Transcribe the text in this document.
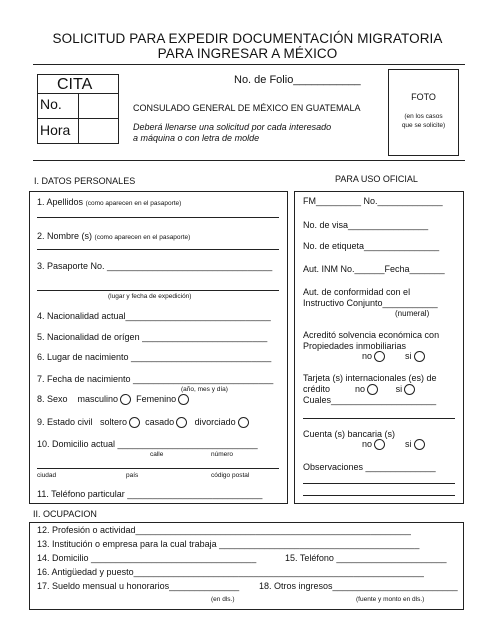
SOLICITUD PARA EXPEDIR DOCUMENTACIÓN MIGRATORIA
PARA INGRESAR A MÉXICO
CITA
No.
Hora
No. de Folio___________
CONSULADO GENERAL DE MÉXICO EN GUATEMALA
Deberá llenarse una solicitud por cada interesado
a máquina o con letra de molde
FOTO
(en los casos
que se solicite)
I. DATOS PERSONALES	PARA USO OFICIAL
1. Apellidos (como aparecen en el pasaporte)
2. Nombre (s) (como aparecen en el pasaporte)
3. Pasaporte No. _________________________________
(lugar y fecha de expedición)
4. Nacionalidad actual_____________________________
5. Nacionalidad de orígen _________________________
6. Lugar de nacimiento ____________________________
7. Fecha de nacimiento ____________________________
(año, mes y día)
8. Sexo masculino Femenino
9. Estado civil soltero casado divorciado
10. Domicilio actual ____________________________
calle	número
ciudad	país	código postal
11. Teléfono particular ___________________________
FM_________ No._____________
No. de visa________________
No. de etiqueta_______________
Aut. INM No.______Fecha_______
Aut. de conformidad con el
Instructivo Conjunto___________
(numeral)
Acreditó solvencia económica con
Propiedades inmobiliarias
no	si
Tarjeta (s) internacionales (es) de
crédito	no	si
Cuales_____________________
Cuenta (s) bancaria (s)
no	si
Observaciones ______________
II. OCUPACION
12. Profesión o actividad_______________________________________________________
13. Institución o empresa para la cual trabaja ________________________________________
14. Domicilio _________________________________	15. Teléfono ______________________
16. Antigüedad y puesto__________________________________________________________
17. Sueldo mensual u honorarios______________ 18. Otros ingresos_________________________
(en dls.)	(fuente y monto en dls.)
